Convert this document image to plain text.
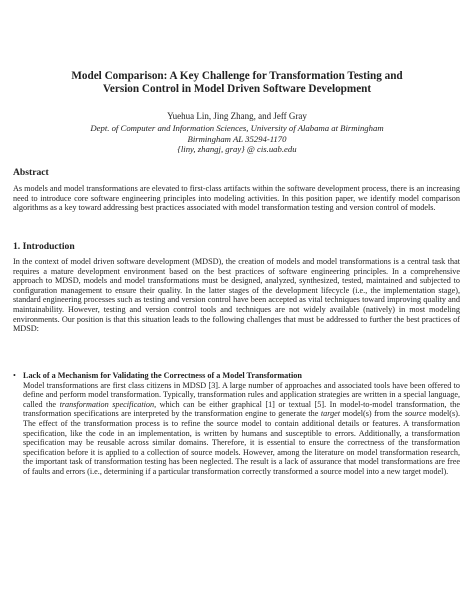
Model Comparison: A Key Challenge for Transformation Testing and
Version Control in Model Driven Software Development
Yuehua Lin, Jing Zhang, and Jeff Gray
Dept. of Computer and Information Sciences, University of Alabama at Birmingham
Birmingham AL 35294-1170
{liny, zhangj, gray} @ cis.uab.edu
Abstract
As models and model transformations are elevated to first-class artifacts within the software development process, there is an increasing need to introduce core software engineering principles into modeling activities. In this position paper, we identify model comparison algorithms as a key toward addressing best practices associated with model transformation testing and version control of models.
1. Introduction
In the context of model driven software development (MDSD), the creation of models and model transformations is a central task that requires a mature development environment based on the best practices of software engineering principles. In a comprehensive approach to MDSD, models and model transformations must be designed, analyzed, synthesized, tested, maintained and subjected to configuration management to ensure their quality. In the latter stages of the development lifecycle (i.e., the implementation stage), standard engineering processes such as testing and version control have been accepted as vital techniques toward improving quality and maintainability. However, testing and version control tools and techniques are not widely available (natively) in most modeling environments. Our position is that this situation leads to the following challenges that must be addressed to further the best practices of MDSD:
• Lack of a Mechanism for Validating the Correctness of a Model Transformation
Model transformations are first class citizens in MDSD [3]. A large number of approaches and associated tools have been offered to define and perform model transformation. Typically, transformation rules and application strategies are written in a special language, called the transformation specification, which can be either graphical [1] or textual [5]. In model-to-model transformation, the transformation specifications are interpreted by the transformation engine to generate the target model(s) from the source model(s). The effect of the transformation process is to refine the source model to contain additional details or features. A transformation specification, like the code in an implementation, is written by humans and susceptible to errors. Additionally, a transformation specification may be reusable across similar domains. Therefore, it is essential to ensure the correctness of the transformation specification before it is applied to a collection of source models. However, among the literature on model transformation research, the important task of transformation testing has been neglected. The result is a lack of assurance that model transformations are free of faults and errors (i.e., determining if a particular transformation correctly transformed a source model into a new target model).
